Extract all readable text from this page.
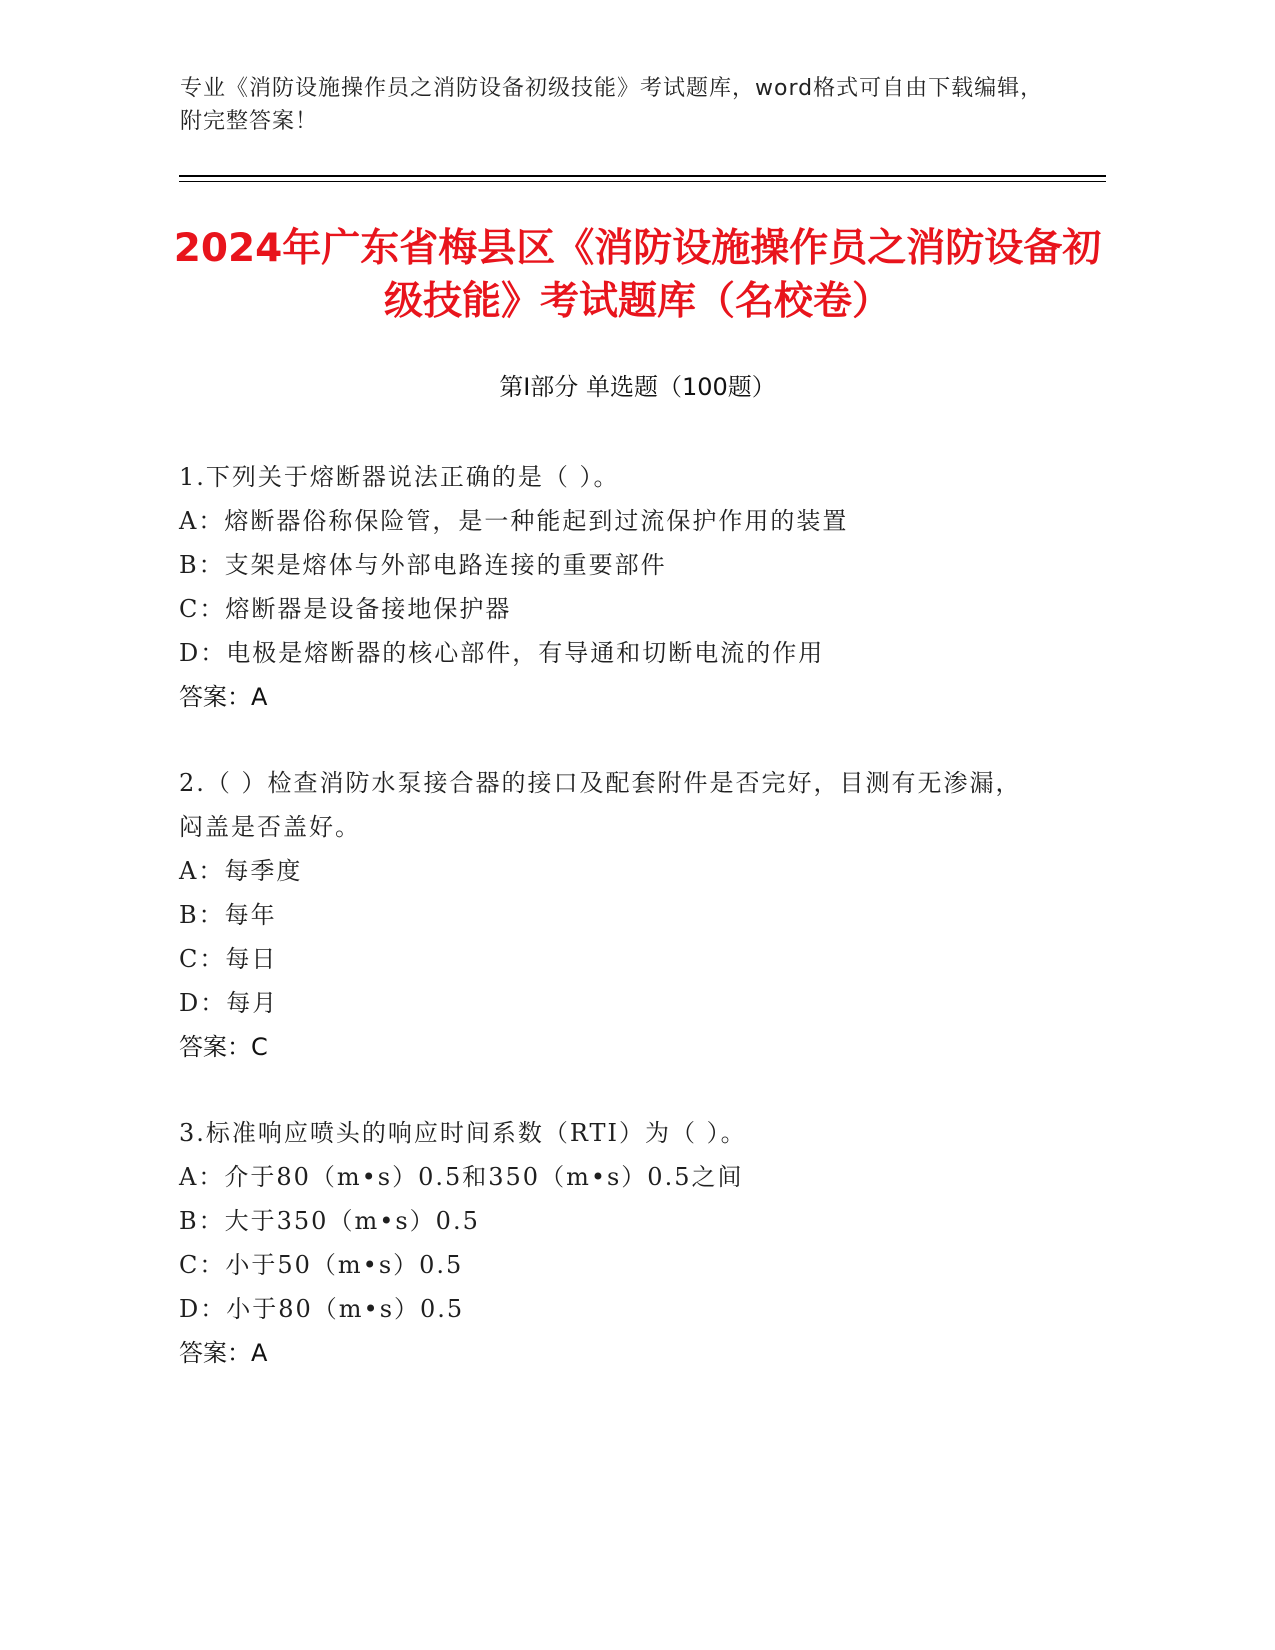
专业《消防设施操作员之消防设备初级技能》考试题库，word格式可自由下载编辑，附完整答案！
2024年广东省梅县区《消防设施操作员之消防设备初级技能》考试题库（名校卷）
第Ⅰ部分 单选题（100题）
1.下列关于熔断器说法正确的是（ ）。
A：熔断器俗称保险管，是一种能起到过流保护作用的装置
B：支架是熔体与外部电路连接的重要部件
C：熔断器是设备接地保护器
D：电极是熔断器的核心部件，有导通和切断电流的作用
答案：A
2.（ ）检查消防水泵接合器的接口及配套附件是否完好，目测有无渗漏，闷盖是否盖好。
A：每季度
B：每年
C：每日
D：每月
答案：C
3.标准响应喷头的响应时间系数（RTI）为（ ）。
A：介于80（m•s）0.5和350（m•s）0.5之间
B：大于350（m•s）0.5
C：小于50（m•s）0.5
D：小于80（m•s）0.5
答案：A
